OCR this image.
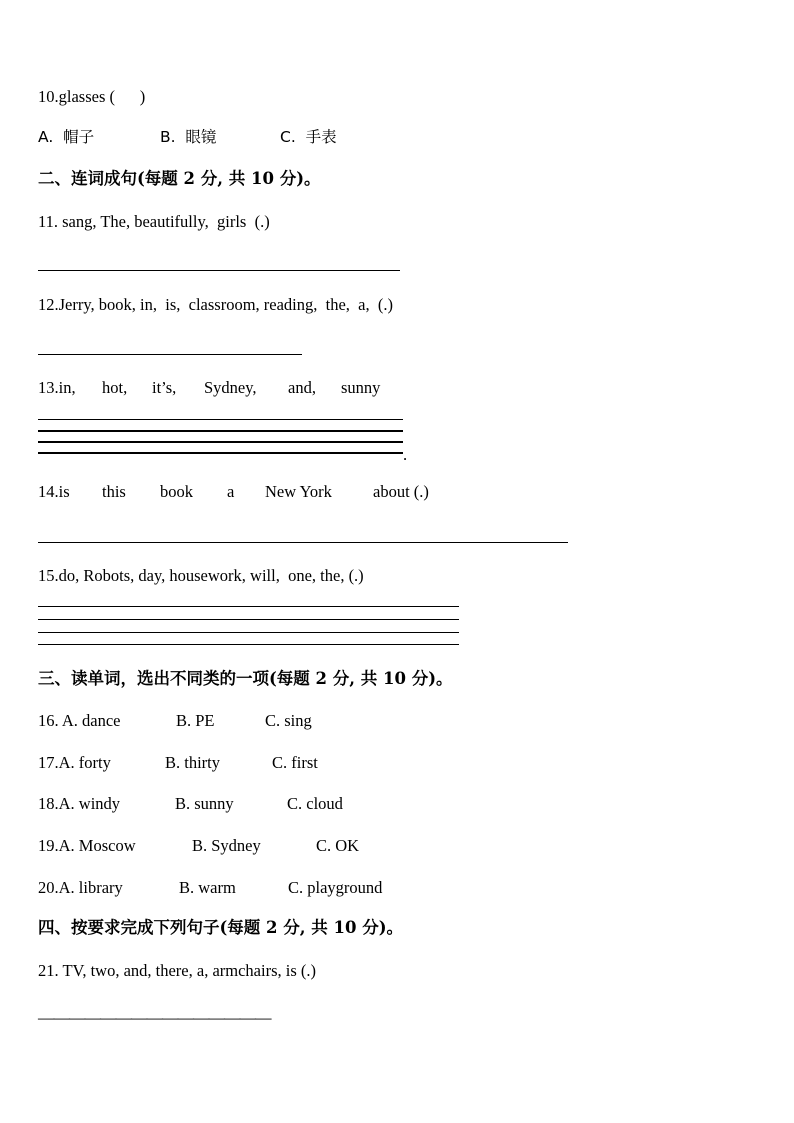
10.glasses (      )
A.  帽子	B.  眼镜	C.  手表
二、连词成句(每题 2 分, 共 10 分)。
11. sang, The, beautifully,  girls  (.)
12.Jerry, book, in,  is,  classroom, reading,  the,  a,  (.)
13.in, hot, it’s, Sydney, and, sunny
.
14.is this book a New York about (.)
15.do, Robots, day, housework, will,  one, the, (.)
三、读单词，选出不同类的一项(每题 2 分, 共 10 分)。
16. A. dance	B. PE	C. sing
17.A. forty	B. thirty	C. first
18.A. windy	B. sunny	C. cloud
19.A. Moscow	B. Sydney	C. OK
20.A. library	B. warm	C. playground
四、按要求完成下列句子(每题 2 分, 共 10 分)。
21. TV, two, and, there, a, armchairs, is (.)
———————————————
